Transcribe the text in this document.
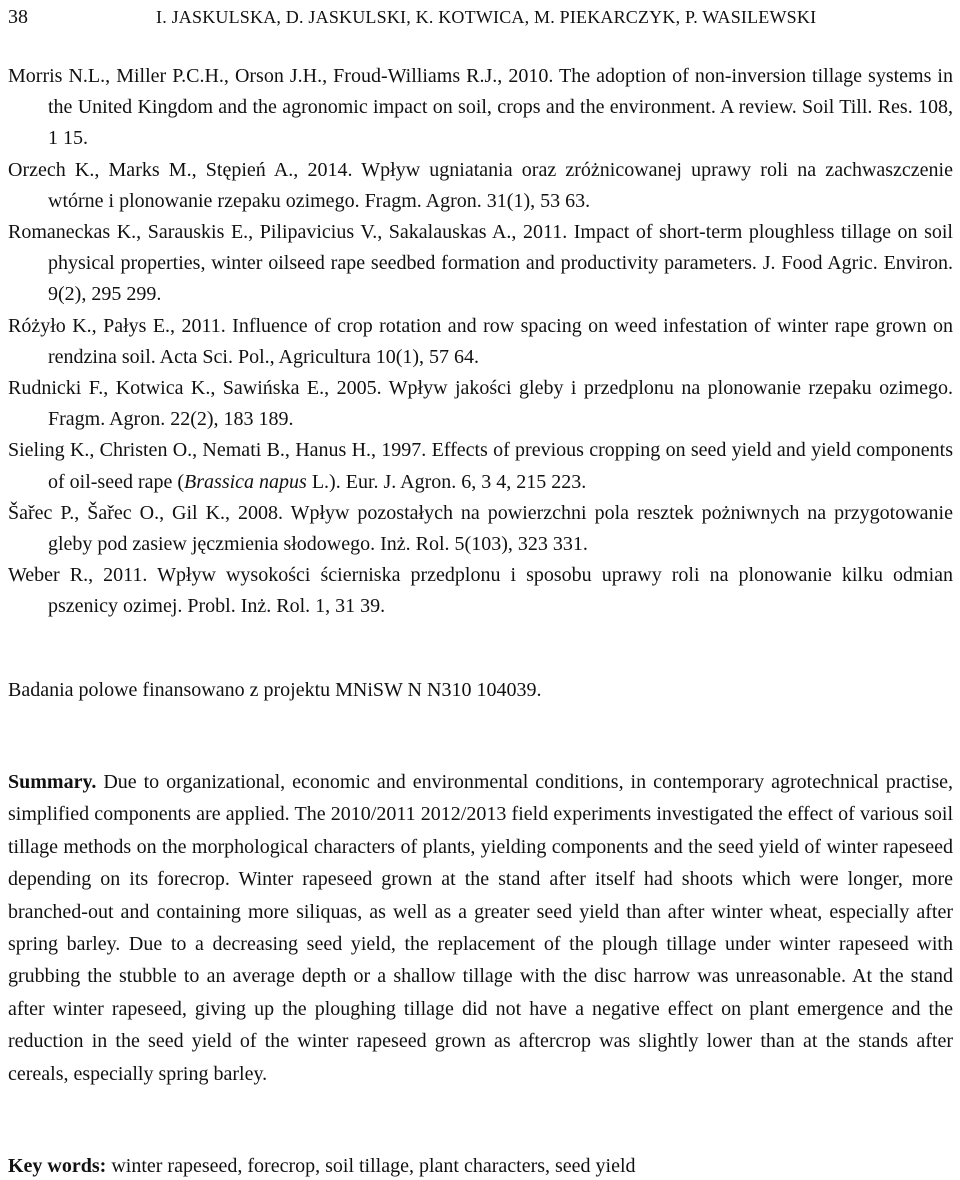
38	I. JASKULSKA, D. JASKULSKI, K. KOTWICA, M. PIEKARCZYK, P. WASILEWSKI
Morris N.L., Miller P.C.H., Orson J.H., Froud-Williams R.J., 2010. The adoption of non-inversion tillage systems in the United Kingdom and the agronomic impact on soil, crops and the environment. A review. Soil Till. Res. 108, 1 15.
Orzech K., Marks M., Stępień A., 2014. Wpływ ugniatania oraz zróżnicowanej uprawy roli na zachwaszczenie wtórne i plonowanie rzepaku ozimego. Fragm. Agron. 31(1), 53 63.
Romaneckas K., Sarauskis E., Pilipavicius V., Sakalauskas A., 2011. Impact of short-term ploughless tillage on soil physical properties, winter oilseed rape seedbed formation and productivity parameters. J. Food Agric. Environ. 9(2), 295 299.
Różyło K., Pałys E., 2011. Influence of crop rotation and row spacing on weed infestation of winter rape grown on rendzina soil. Acta Sci. Pol., Agricultura 10(1), 57 64.
Rudnicki F., Kotwica K., Sawińska E., 2005. Wpływ jakości gleby i przedplonu na plonowanie rzepaku ozimego. Fragm. Agron. 22(2), 183 189.
Sieling K., Christen O., Nemati B., Hanus H., 1997. Effects of previous cropping on seed yield and yield components of oil-seed rape (Brassica napus L.). Eur. J. Agron. 6, 3 4, 215 223.
Šařec P., Šařec O., Gil K., 2008. Wpływ pozostałych na powierzchni pola resztek pożniwnych na przygotowanie gleby pod zasiew jęczmienia słodowego. Inż. Rol. 5(103), 323 331.
Weber R., 2011. Wpływ wysokości ścierniska przedplonu i sposobu uprawy roli na plonowanie kilku odmian pszenicy ozimej. Probl. Inż. Rol. 1, 31 39.
Badania polowe finansowano z projektu MNiSW N N310 104039.
Summary. Due to organizational, economic and environmental conditions, in contemporary agrotechnical practise, simplified components are applied. The 2010/2011 2012/2013 field experiments investigated the effect of various soil tillage methods on the morphological characters of plants, yielding components and the seed yield of winter rapeseed depending on its forecrop. Winter rapeseed grown at the stand after itself had shoots which were longer, more branched-out and containing more siliquas, as well as a greater seed yield than after winter wheat, especially after spring barley. Due to a decreasing seed yield, the replacement of the plough tillage under winter rapeseed with grubbing the stubble to an average depth or a shallow tillage with the disc harrow was unreasonable. At the stand after winter rapeseed, giving up the ploughing tillage did not have a negative effect on plant emergence and the reduction in the seed yield of the winter rapeseed grown as aftercrop was slightly lower than at the stands after cereals, especially spring barley.
Key words: winter rapeseed, forecrop, soil tillage, plant characters, seed yield
